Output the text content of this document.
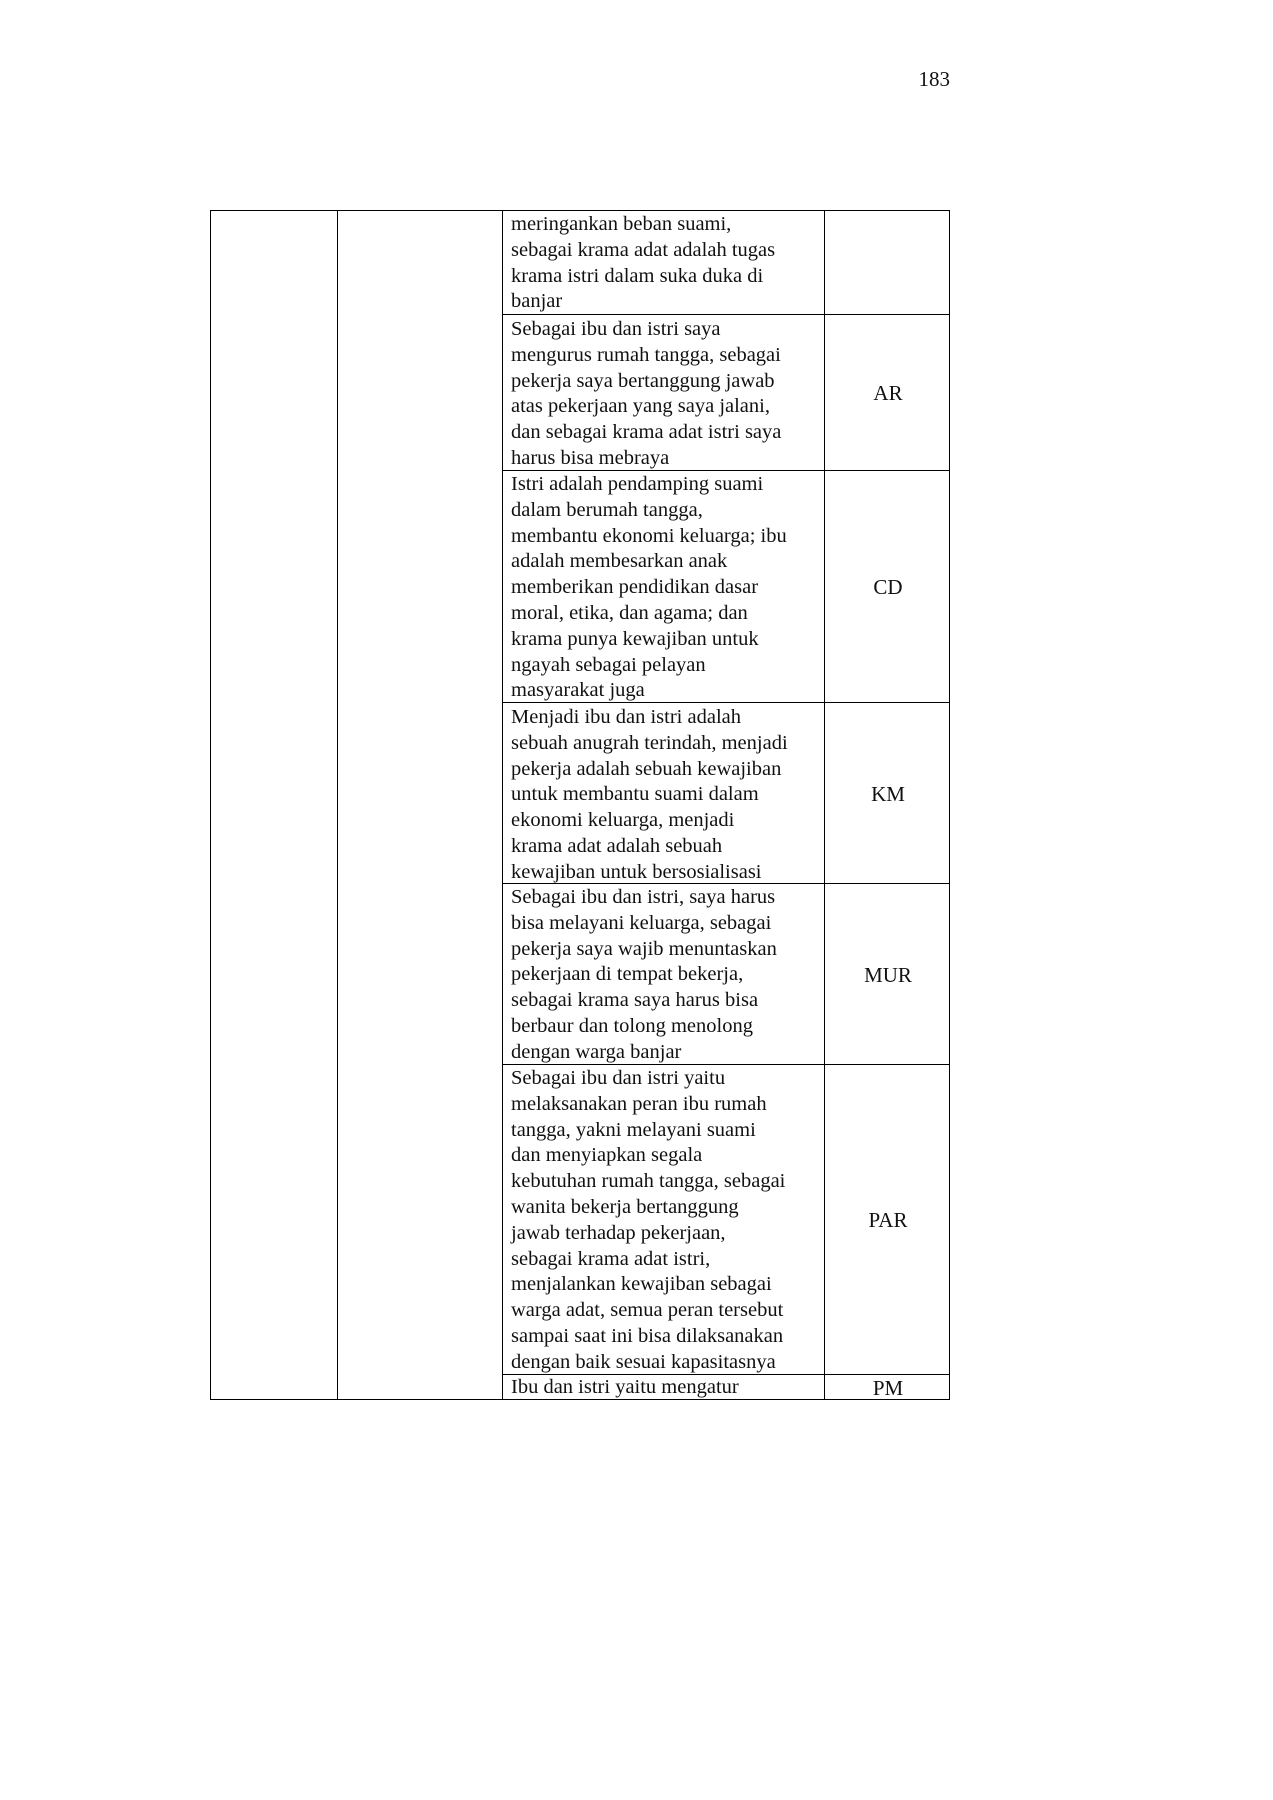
183
meringankan beban suami,
sebagai krama adat adalah tugas
krama istri dalam suka duka di
banjar
Sebagai ibu dan istri saya
mengurus rumah tangga, sebagai
pekerja saya bertanggung jawab
atas pekerjaan yang saya jalani,
dan sebagai krama adat istri saya
harus bisa mebraya
AR
Istri adalah pendamping suami
dalam berumah tangga,
membantu ekonomi keluarga; ibu
adalah membesarkan anak
memberikan pendidikan dasar
moral, etika, dan agama; dan
krama punya kewajiban untuk
ngayah sebagai pelayan
masyarakat juga
CD
Menjadi ibu dan istri adalah
sebuah anugrah terindah, menjadi
pekerja adalah sebuah kewajiban
untuk membantu suami dalam
ekonomi keluarga, menjadi
krama adat adalah sebuah
kewajiban untuk bersosialisasi
KM
Sebagai ibu dan istri, saya harus
bisa melayani keluarga, sebagai
pekerja saya wajib menuntaskan
pekerjaan di tempat bekerja,
sebagai krama saya harus bisa
berbaur dan tolong menolong
dengan warga banjar
MUR
Sebagai ibu dan istri yaitu
melaksanakan peran ibu rumah
tangga, yakni melayani suami
dan menyiapkan segala
kebutuhan rumah tangga, sebagai
wanita bekerja bertanggung
jawab terhadap pekerjaan,
sebagai krama adat istri,
menjalankan kewajiban sebagai
warga adat, semua peran tersebut
sampai saat ini bisa dilaksanakan
dengan baik sesuai kapasitasnya
PAR
Ibu dan istri yaitu mengatur	PM
